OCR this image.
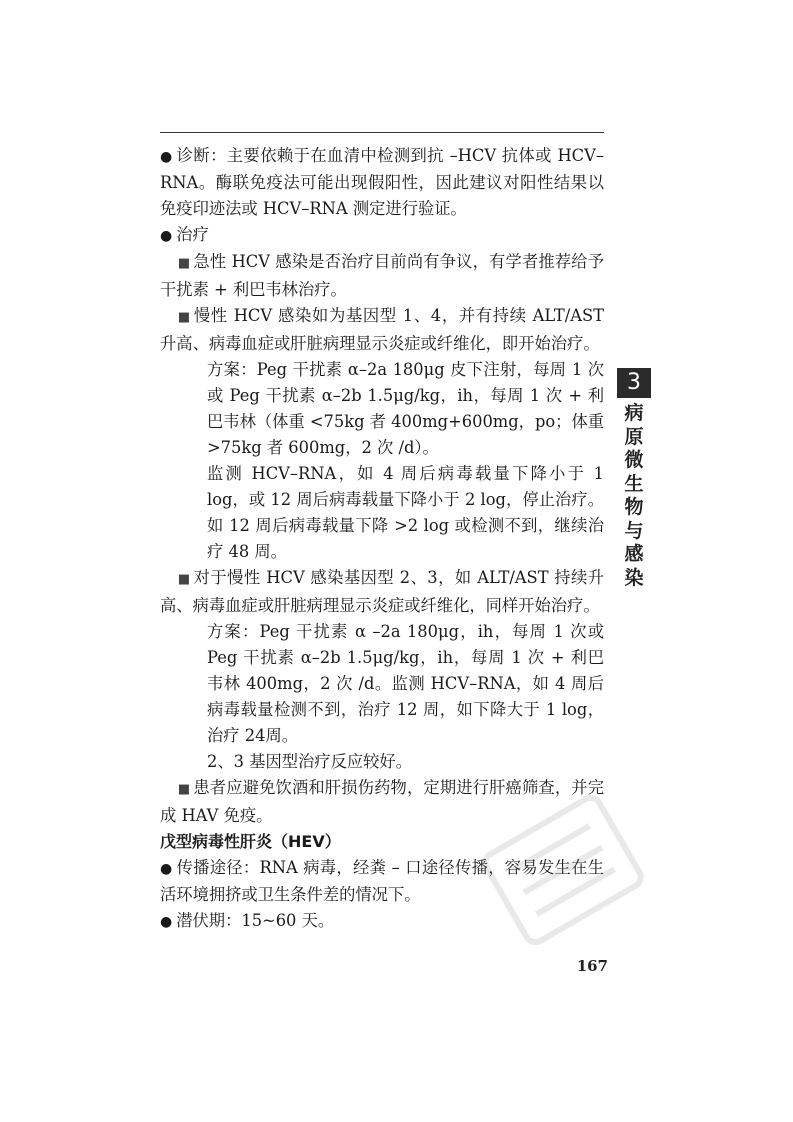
● 诊断：主要依赖于在血清中检测到抗 –HCV 抗体或 HCV–RNA。酶联免疫法可能出现假阳性，因此建议对阳性结果以免疫印迹法或 HCV–RNA 测定进行验证。

● 治疗

■ 急性 HCV 感染是否治疗目前尚有争议，有学者推荐给予干扰素 + 利巴韦林治疗。

■ 慢性 HCV 感染如为基因型 1、4，并有持续 ALT/AST 升高、病毒血症或肝脏病理显示炎症或纤维化，即开始治疗。

方案：Peg 干扰素 α–2a 180μg 皮下注射，每周 1 次或 Peg 干扰素 α–2b 1.5μg/kg，ih，每周 1 次 + 利巴韦林（体重 <75kg 者 400mg+600mg，po；体重 >75kg 者 600mg，2 次 /d）。

监测 HCV–RNA，如 4 周后病毒载量下降小于 1 log，或 12 周后病毒载量下降小于 2 log，停止治疗。如 12 周后病毒载量下降 >2 log 或检测不到，继续治疗 48 周。

■ 对于慢性 HCV 感染基因型 2、3，如 ALT/AST 持续升高、病毒血症或肝脏病理显示炎症或纤维化，同样开始治疗。

方案：Peg 干扰素 α –2a 180μg，ih，每周 1 次或 Peg 干扰素 α–2b 1.5μg/kg，ih，每周 1 次 + 利巴韦林 400mg，2 次 /d。监测 HCV–RNA，如 4 周后病毒载量检测不到，治疗 12 周，如下降大于 1 log，治疗 24周。

2、3 基因型治疗反应较好。

■ 患者应避免饮酒和肝损伤药物，定期进行肝癌筛查，并完成 HAV 免疫。

戊型病毒性肝炎（HEV）

● 传播途径：RNA 病毒，经粪 – 口途径传播，容易发生在生活环境拥挤或卫生条件差的情况下。

● 潜伏期：15~60 天。

3
病原微生物与感染
167
